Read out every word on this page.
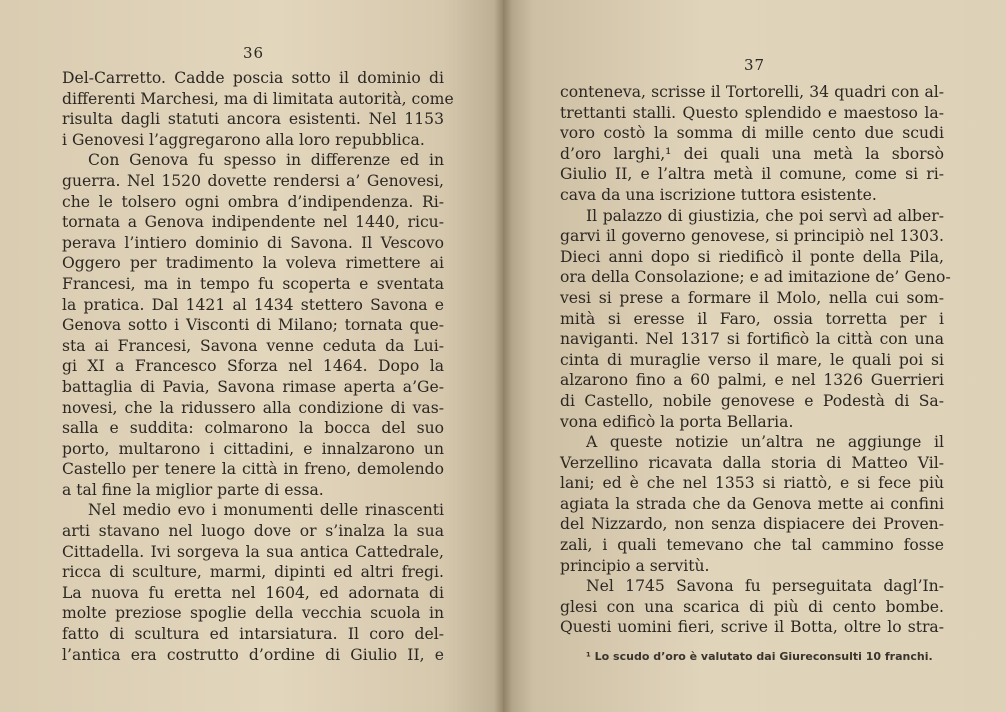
36
Del-Carretto. Cadde poscia sotto il dominio di
differenti Marchesi, ma di limitata autorità, come
risulta dagli statuti ancora esistenti. Nel 1153
i Genovesi l’aggregarono alla loro repubblica.
Con Genova fu spesso in differenze ed in
guerra. Nel 1520 dovette rendersi a’ Genovesi,
che le tolsero ogni ombra d’indipendenza. Ri-
tornata a Genova indipendente nel 1440, ricu-
perava l’intiero dominio di Savona. Il Vescovo
Oggero per tradimento la voleva rimettere ai
Francesi, ma in tempo fu scoperta e sventata
la pratica. Dal 1421 al 1434 stettero Savona e
Genova sotto i Visconti di Milano; tornata que-
sta ai Francesi, Savona venne ceduta da Lui-
gi XI a Francesco Sforza nel 1464. Dopo la
battaglia di Pavia, Savona rimase aperta a’Ge-
novesi, che la ridussero alla condizione di vas-
salla e suddita: colmarono la bocca del suo
porto, multarono i cittadini, e innalzarono un
Castello per tenere la città in freno, demolendo
a tal fine la miglior parte di essa.
Nel medio evo i monumenti delle rinascenti
arti stavano nel luogo dove or s’inalza la sua
Cittadella. Ivi sorgeva la sua antica Cattedrale,
ricca di sculture, marmi, dipinti ed altri fregi.
La nuova fu eretta nel 1604, ed adornata di
molte preziose spoglie della vecchia scuola in
fatto di scultura ed intarsiatura. Il coro del-
l’antica era costrutto d’ordine di Giulio II, e
37
conteneva, scrisse il Tortorelli, 34 quadri con al-
trettanti stalli. Questo splendido e maestoso la-
voro costò la somma di mille cento due scudi
d’oro larghi,¹ dei quali una metà la sborsò
Giulio II, e l’altra metà il comune, come si ri-
cava da una iscrizione tuttora esistente.
Il palazzo di giustizia, che poi servì ad alber-
garvi il governo genovese, si principiò nel 1303.
Dieci anni dopo si riedificò il ponte della Pila,
ora della Consolazione; e ad imitazione de’ Geno-
vesi si prese a formare il Molo, nella cui som-
mità si eresse il Faro, ossia torretta per i
naviganti. Nel 1317 si fortificò la città con una
cinta di muraglie verso il mare, le quali poi si
alzarono fino a 60 palmi, e nel 1326 Guerrieri
di Castello, nobile genovese e Podestà di Sa-
vona edificò la porta Bellaria.
A queste notizie un’altra ne aggiunge il
Verzellino ricavata dalla storia di Matteo Vil-
lani; ed è che nel 1353 si riattò, e si fece più
agiata la strada che da Genova mette ai confini
del Nizzardo, non senza dispiacere dei Proven-
zali, i quali temevano che tal cammino fosse
principio a servitù.
Nel 1745 Savona fu perseguitata dagl’In-
glesi con una scarica di più di cento bombe.
Questi uomini fieri, scrive il Botta, oltre lo stra-
¹ Lo scudo d’oro è valutato dai Giureconsulti 10 franchi.
